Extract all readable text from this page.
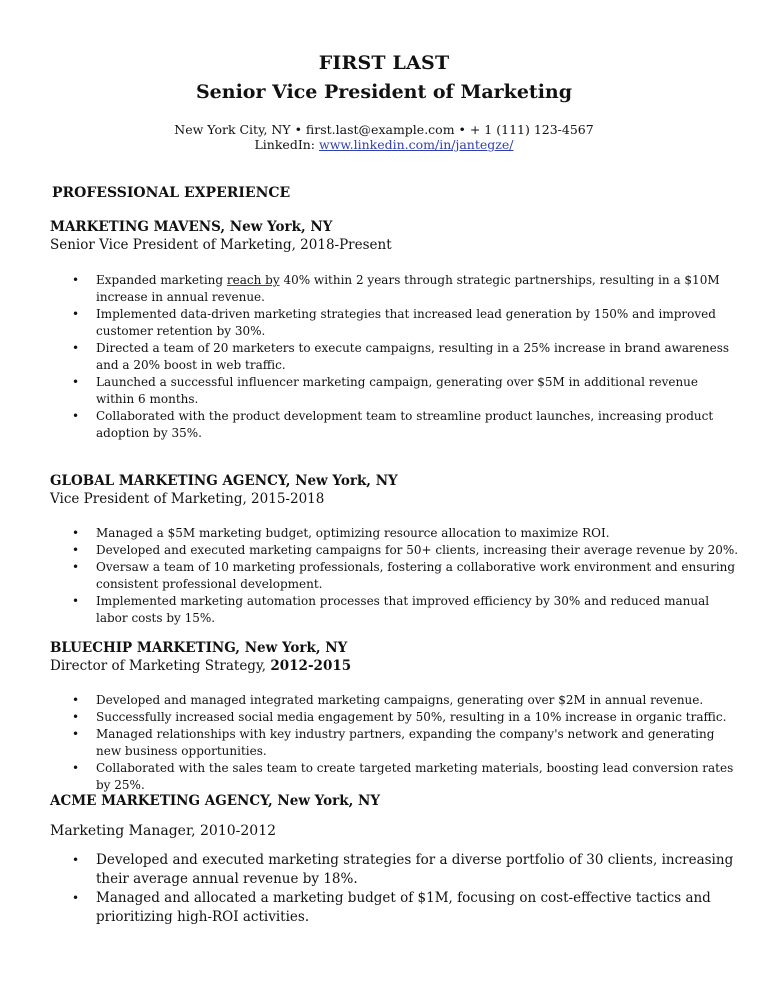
FIRST LAST
Senior Vice President of Marketing
New York City, NY • first.last@example.com • + 1 (111) 123-4567
LinkedIn: www.linkedin.com/in/jantegze/
PROFESSIONAL EXPERIENCE
MARKETING MAVENS, New York, NY
Senior Vice President of Marketing, 2018-Present
• Expanded marketing reach by 40% within 2 years through strategic partnerships, resulting in a $10M increase in annual revenue.
• Implemented data-driven marketing strategies that increased lead generation by 150% and improved customer retention by 30%.
• Directed a team of 20 marketers to execute campaigns, resulting in a 25% increase in brand awareness and a 20% boost in web traffic.
• Launched a successful influencer marketing campaign, generating over $5M in additional revenue within 6 months.
• Collaborated with the product development team to streamline product launches, increasing product adoption by 35%.
GLOBAL MARKETING AGENCY, New York, NY
Vice President of Marketing, 2015-2018
• Managed a $5M marketing budget, optimizing resource allocation to maximize ROI.
• Developed and executed marketing campaigns for 50+ clients, increasing their average revenue by 20%.
• Oversaw a team of 10 marketing professionals, fostering a collaborative work environment and ensuring consistent professional development.
• Implemented marketing automation processes that improved efficiency by 30% and reduced manual labor costs by 15%.
BLUECHIP MARKETING, New York, NY
Director of Marketing Strategy, 2012-2015
• Developed and managed integrated marketing campaigns, generating over $2M in annual revenue.
• Successfully increased social media engagement by 50%, resulting in a 10% increase in organic traffic.
• Managed relationships with key industry partners, expanding the company's network and generating new business opportunities.
• Collaborated with the sales team to create targeted marketing materials, boosting lead conversion rates by 25%.
ACME MARKETING AGENCY, New York, NY
Marketing Manager, 2010-2012
• Developed and executed marketing strategies for a diverse portfolio of 30 clients, increasing their average annual revenue by 18%.
• Managed and allocated a marketing budget of $1M, focusing on cost-effective tactics and prioritizing high-ROI activities.
